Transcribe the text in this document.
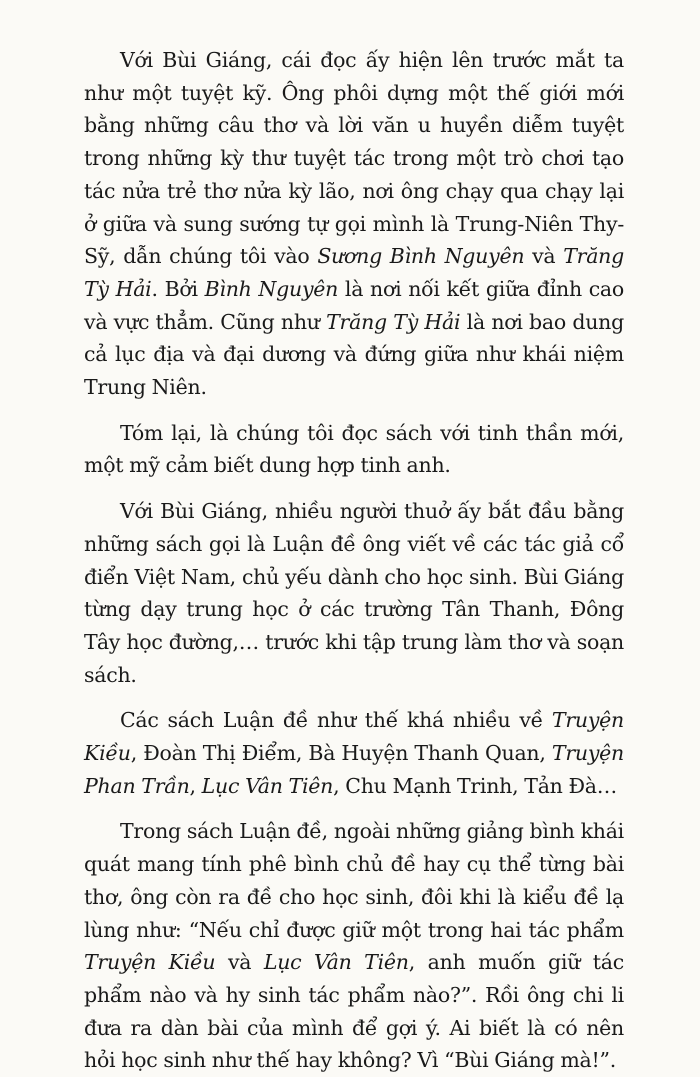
Với Bùi Giáng, cái đọc ấy hiện lên trước mắt ta như một tuyệt kỹ. Ông phôi dựng một thế giới mới bằng những câu thơ và lời văn u huyền diễm tuyệt trong những kỳ thư tuyệt tác trong một trò chơi tạo tác nửa trẻ thơ nửa kỳ lão, nơi ông chạy qua chạy lại ở giữa và sung sướng tự gọi mình là Trung-Niên Thy-Sỹ, dẫn chúng tôi vào Sương Bình Nguyên và Trăng Tỳ Hải. Bởi Bình Nguyên là nơi nối kết giữa đỉnh cao và vực thẳm. Cũng như Trăng Tỳ Hải là nơi bao dung cả lục địa và đại dương và đứng giữa như khái niệm Trung Niên.

Tóm lại, là chúng tôi đọc sách với tinh thần mới, một mỹ cảm biết dung hợp tinh anh.

Với Bùi Giáng, nhiều người thuở ấy bắt đầu bằng những sách gọi là Luận đề ông viết về các tác giả cổ điển Việt Nam, chủ yếu dành cho học sinh. Bùi Giáng từng dạy trung học ở các trường Tân Thanh, Đông Tây học đường,… trước khi tập trung làm thơ và soạn sách.

Các sách Luận đề như thế khá nhiều về Truyện Kiều, Đoàn Thị Điểm, Bà Huyện Thanh Quan, Truyện Phan Trần, Lục Vân Tiên, Chu Mạnh Trinh, Tản Đà…

Trong sách Luận đề, ngoài những giảng bình khái quát mang tính phê bình chủ đề hay cụ thể từng bài thơ, ông còn ra đề cho học sinh, đôi khi là kiểu đề lạ lùng như: “Nếu chỉ được giữ một trong hai tác phẩm Truyện Kiều và Lục Vân Tiên, anh muốn giữ tác phẩm nào và hy sinh tác phẩm nào?”. Rồi ông chi li đưa ra dàn bài của mình để gợi ý. Ai biết là có nên hỏi học sinh như thế hay không? Vì “Bùi Giáng mà!”.
